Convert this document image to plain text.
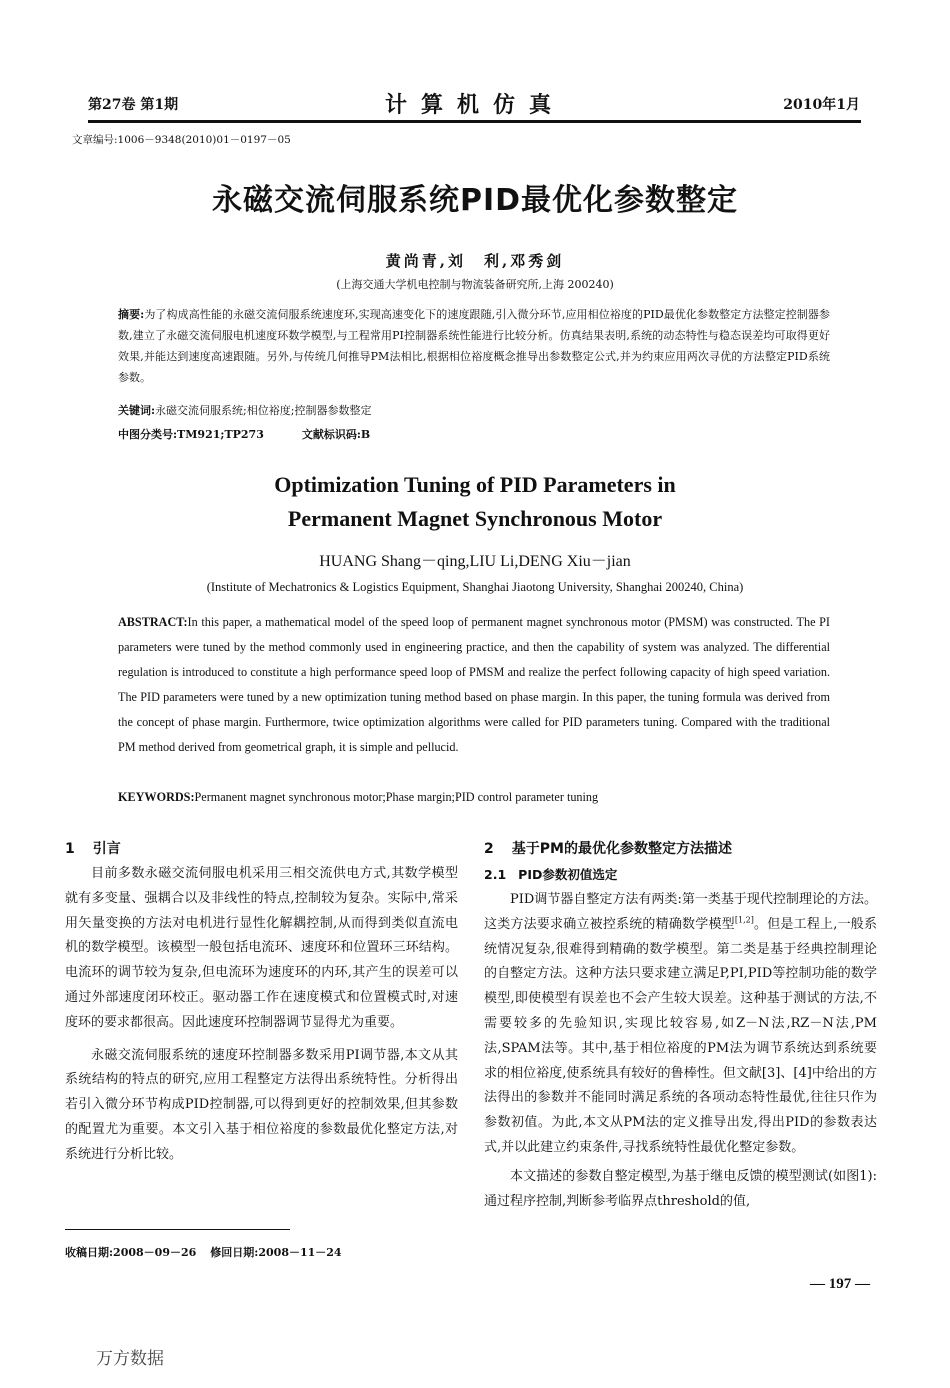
第27卷 第1期	计算机仿真	2010年1月
文章编号:1006－9348(2010)01－0197－05
永磁交流伺服系统PID最优化参数整定
黄尚青,刘　利,邓秀剑
(上海交通大学机电控制与物流装备研究所,上海 200240)
摘要:为了构成高性能的永磁交流伺服系统速度环,实现高速变化下的速度跟随,引入微分环节,应用相位裕度的PID最优化参数整定方法整定控制器参数,建立了永磁交流伺服电机速度环数学模型,与工程常用PI控制器系统性能进行比较分析。仿真结果表明,系统的动态特性与稳态误差均可取得更好效果,并能达到速度高速跟随。另外,与传统几何推导PM法相比,根据相位裕度概念推导出参数整定公式,并为约束应用两次寻优的方法整定PID系统参数。
关键词:永磁交流伺服系统;相位裕度;控制器参数整定
中图分类号:TM921;TP273	文献标识码:B
Optimization Tuning of PID Parameters in
Permanent Magnet Synchronous Motor
HUANG Shang－qing,LIU Li,DENG Xiu－jian
(Institute of Mechatronics & Logistics Equipment, Shanghai Jiaotong University, Shanghai 200240, China)
ABSTRACT:In this paper, a mathematical model of the speed loop of permanent magnet synchronous motor (PMSM) was constructed. The PI parameters were tuned by the method commonly used in engineering practice, and then the capability of system was analyzed. The differential regulation is introduced to constitute a high performance speed loop of PMSM and realize the perfect following capacity of high speed variation. The PID parameters were tuned by a new optimization tuning method based on phase margin. In this paper, the tuning formula was derived from the concept of phase margin. Furthermore, twice optimization algorithms were called for PID parameters tuning. Compared with the traditional PM method derived from geometrical graph, it is simple and pellucid.
KEYWORDS:Permanent magnet synchronous motor;Phase margin;PID control parameter tuning
1 引言

目前多数永磁交流伺服电机采用三相交流供电方式,其数学模型就有多变量、强耦合以及非线性的特点,控制较为复杂。实际中,常采用矢量变换的方法对电机进行显性化解耦控制,从而得到类似直流电机的数学模型。该模型一般包括电流环、速度环和位置环三环结构。电流环的调节较为复杂,但电流环为速度环的内环,其产生的误差可以通过外部速度闭环校正。驱动器工作在速度模式和位置模式时,对速度环的要求都很高。因此速度环控制器调节显得尤为重要。

永磁交流伺服系统的速度环控制器多数采用PI调节器,本文从其系统结构的特点的研究,应用工程整定方法得出系统特性。分析得出若引入微分环节构成PID控制器,可以得到更好的控制效果,但其参数的配置尤为重要。本文引入基于相位裕度的参数最优化整定方法,对系统进行分析比较。

2 基于PM的最优化参数整定方法描述
2.1 PID参数初值选定

PID调节器自整定方法有两类:第一类基于现代控制理论的方法。这类方法要求确立被控系统的精确数学模型[1,2]。但是工程上,一般系统情况复杂,很难得到精确的数学模型。第二类是基于经典控制理论的自整定方法。这种方法只要求建立满足P,PI,PID等控制功能的数学模型,即使模型有误差也不会产生较大误差。这种基于测试的方法,不需要较多的先验知识,实现比较容易,如Z－N法,RZ－N法,PM法,SPAM法等。其中,基于相位裕度的PM法为调节系统达到系统要求的相位裕度,使系统具有较好的鲁棒性。但文献[3]、[4]中给出的方法得出的参数并不能同时满足系统的各项动态特性最优,往往只作为参数初值。为此,本文从PM法的定义推导出发,得出PID的参数表达式,并以此建立约束条件,寻找系统特性最优化整定参数。

本文描述的参数自整定模型,为基于继电反馈的模型测试(如图1):通过程序控制,判断参考临界点threshold的值,

收稿日期:2008－09－26 修回日期:2008－11－24
— 197 —
万方数据
